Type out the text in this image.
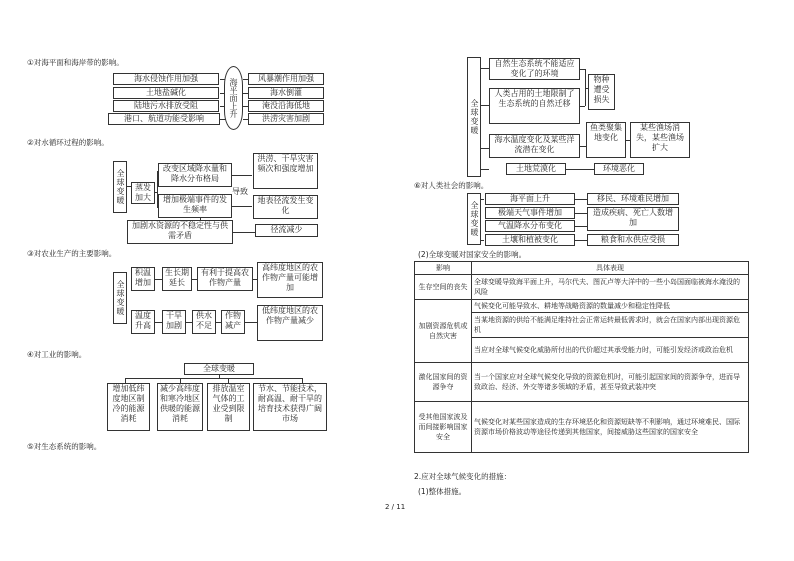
①对海平面和海岸带的影响。
海水侵蚀作用加强
土地盐碱化
陆地污水排放受阻
港口、航道功能受影响
海平面上升	风暴潮作用加强
海水倒灌
淹没沿海低地
洪涝灾害加剧
②对水循环过程的影响。
全球变暖	蒸发加大
改变区域降水量和降水分布格局
增加极端事件的发生频率
加剧水资源的不稳定性与供需矛盾
导致
洪涝、干旱灾害频次和强度增加
地表径流发生变化
径流减少
③对农业生产的主要影响。
全球变暖
积温增加
生长期延长
有利于提高农作物产量
高纬度地区的农作物产量可能增加
温度升高
干旱加剧
供水不足
作物减产
低纬度地区的农作物产量减少
④对工业的影响。
全球变暖
增加低纬度地区制冷的能源消耗
减少高纬度和寒冷地区供暖的能源消耗
排放温室气体的工业受到限制
节水、节能技术，耐高温、耐干旱的培育技术获得广阔市场
⑤对生态系统的影响。
全球变暖
自然生态系统不能适应变化了的环境
人类占用的土地限制了生态系统的自然迁移
物种遭受损失
海水温度变化及某些洋流潜在变化
鱼类聚集地变化
某些渔场消失，某些渔场扩大
土地荒漠化	环境恶化
⑥对人类社会的影响。
全球变暖
海平面上升
极端天气事件增加
气温降水分布变化
土壤和植被变化
移民、环境难民增加
造成疾病、死亡人数增加
粮食和水供应受损
(2)全球变暖对国家安全的影响。
影响	具体表现
生存空间的丧失	全球变暖导致海平面上升，马尔代夫、图瓦卢等大洋中的一些小岛国面临被海水淹没的风险
加剧资源危机或自然灾害	气候变化可能导致水、耕地等战略资源的数量减少和稳定性降低
	当某地资源的供给不能满足维持社会正常运转最低需求时，就会在国家内部出现资源危机
	当应对全球气候变化威胁所付出的代价超过其承受能力时，可能引发经济或政治危机
激化国家间的资源争夺	当一个国家应对全球气候变化导致的资源危机时，可能引起国家间的资源争夺，进而导致政治、经济、外交等诸多领域的矛盾，甚至导致武装冲突
受其他国家波及而间接影响国家安全	气候变化对某些国家造成的生存环境恶化和资源短缺等不利影响，通过环境难民、国际资源市场价格波动等途径传递到其他国家，间接威胁这些国家的国家安全
2.应对全球气候变化的措施：
(1)整体措施。
2 / 11
